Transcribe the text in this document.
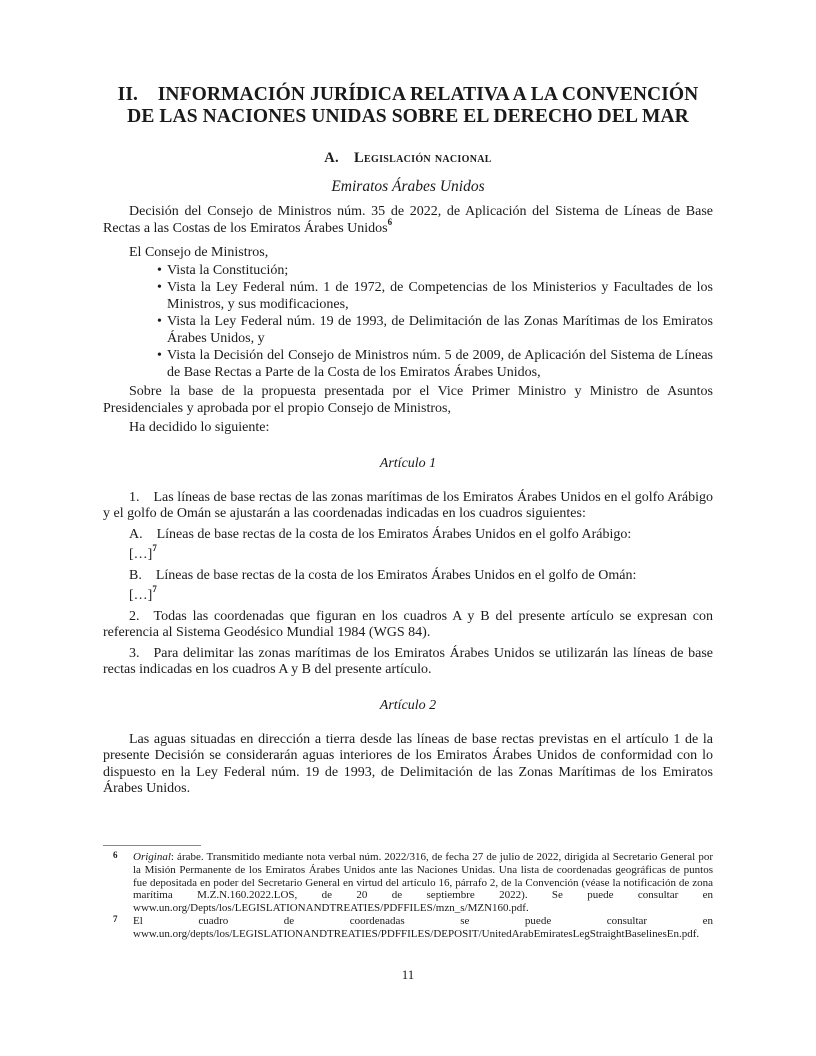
II.  INFORMACIÓN JURÍDICA RELATIVA A LA CONVENCIÓN
DE LAS NACIONES UNIDAS SOBRE EL DERECHO DEL MAR

A.  Legislación nacional
Emiratos Árabes Unidos

Decisión del Consejo de Ministros núm. 35 de 2022, de Aplicación del Sistema de Líneas de Base Rectas a las Costas de los Emiratos Árabes Unidos$^6$

El Consejo de Ministros,

• Vista la Constitución;
• Vista la Ley Federal núm. 1 de 1972, de Competencias de los Ministerios y Facultades de los Ministros, y sus modificaciones,
• Vista la Ley Federal núm. 19 de 1993, de Delimitación de las Zonas Marítimas de los Emiratos Árabes Unidos, y
• Vista la Decisión del Consejo de Ministros núm. 5 de 2009, de Aplicación del Sistema de Líneas de Base Rectas a Parte de la Costa de los Emiratos Árabes Unidos,

Sobre la base de la propuesta presentada por el Vice Primer Ministro y Ministro de Asuntos Presidenciales y aprobada por el propio Consejo de Ministros,

Ha decidido lo siguiente:

Artículo 1

1. Las líneas de base rectas de las zonas marítimas de los Emiratos Árabes Unidos en el golfo Arábigo y el golfo de Omán se ajustarán a las coordenadas indicadas en los cuadros siguientes:

A. Líneas de base rectas de la costa de los Emiratos Árabes Unidos en el golfo Arábigo:

[…]$^7$

B. Líneas de base rectas de la costa de los Emiratos Árabes Unidos en el golfo de Omán:

[…]$^7$

2. Todas las coordenadas que figuran en los cuadros A y B del presente artículo se expresan con referencia al Sistema Geodésico Mundial 1984 (WGS 84).

3. Para delimitar las zonas marítimas de los Emiratos Árabes Unidos se utilizarán las líneas de base rectas indicadas en los cuadros A y B del presente artículo.

Artículo 2

Las aguas situadas en dirección a tierra desde las líneas de base rectas previstas en el artículo 1 de la presente Decisión se considerarán aguas interiores de los Emiratos Árabes Unidos de conformidad con lo dispuesto en la Ley Federal núm. 19 de 1993, de Delimitación de las Zonas Marítimas de los Emiratos Árabes Unidos.

6 Original: árabe. Transmitido mediante nota verbal núm. 2022/316, de fecha 27 de julio de 2022, dirigida al Secretario General por la Misión Permanente de los Emiratos Árabes Unidos ante las Naciones Unidas. Una lista de coordenadas geográficas de puntos fue depositada en poder del Secretario General en virtud del artículo 16, párrafo 2, de la Convención (véase la notificación de zona marítima M.Z.N.160.2022.LOS, de 20 de septiembre 2022). Se puede consultar en www.un.org/Depts/los/LEGISLATIONANDTREATIES/PDFFILES/mzn_s/MZN160.pdf.
7 El cuadro de coordenadas se puede consultar en www.un.org/depts/los/LEGISLATIONANDTREATIES/PDFFILES/DEPOSIT/UnitedArabEmiratesLegStraightBaselinesEn.pdf.
11
